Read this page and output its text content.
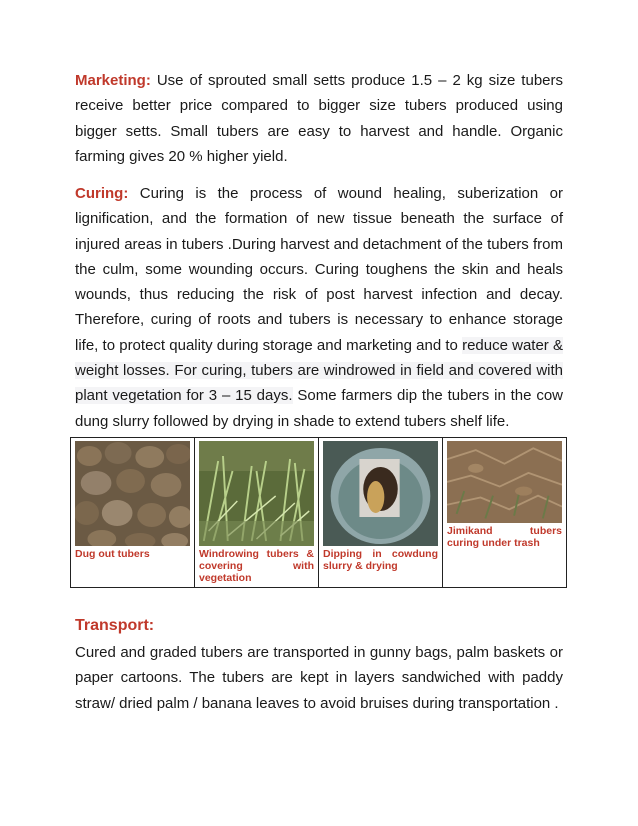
Marketing: Use of sprouted small setts produce 1.5 – 2 kg size tubers receive better price compared to bigger size tubers produced using bigger setts. Small tubers are easy to harvest and handle. Organic farming gives 20 % higher yield.

Curing: Curing is the process of wound healing, suberization or lignification, and the formation of new tissue beneath the surface of injured areas in tubers .During harvest and detachment of the tubers from the culm, some wounding occurs. Curing toughens the skin and heals wounds, thus reducing the risk of post harvest infection and decay. Therefore, curing of roots and tubers is necessary to enhance storage life, to protect quality during storage and marketing and to reduce water & weight losses. For curing, tubers are windrowed in field and covered with plant vegetation for 3 – 15 days. Some farmers dip the tubers in the cow dung slurry followed by drying in shade to extend tubers shelf life.

Dug out tubers	Windrowing tubers & covering with vegetation

Dipping in cowdung slurry & drying

Jimikand tubers curing under trash
Transport:

Cured and graded tubers are transported in gunny bags, palm baskets or paper cartoons. The tubers are kept in layers sandwiched with paddy straw/ dried palm / banana leaves to avoid bruises during transportation .
